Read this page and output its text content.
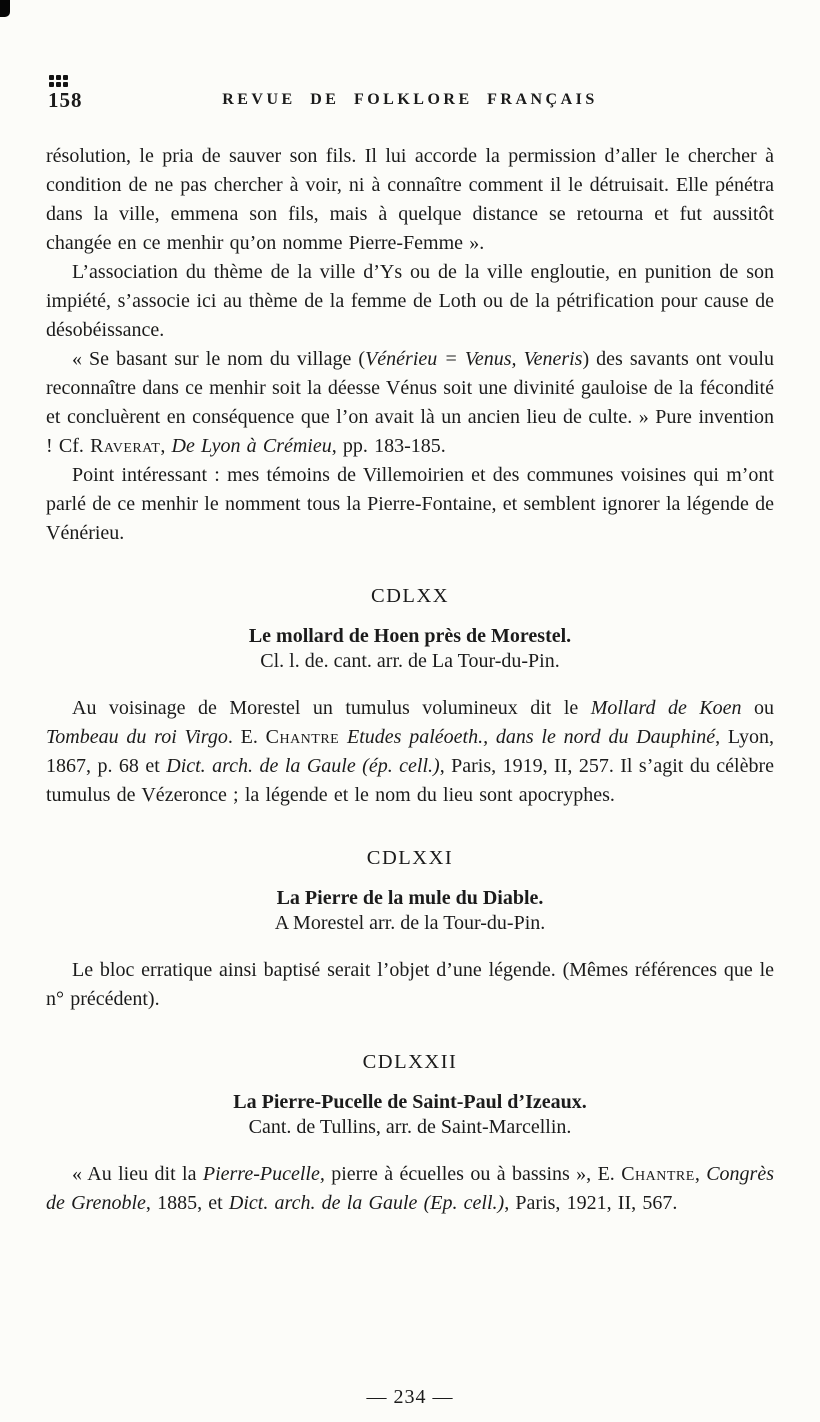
158	REVUE DE FOLKLORE FRANÇAIS

résolution, le pria de sauver son fils. Il lui accorde la permission d’aller le chercher à condition de ne pas chercher à voir, ni à connaître comment il le détruisait. Elle pénétra dans la ville, emmena son fils, mais à quelque distance se retourna et fut aussitôt changée en ce menhir qu’on nomme Pierre-Femme ».

L’association du thème de la ville d’Ys ou de la ville engloutie, en punition de son impiété, s’associe ici au thème de la femme de Loth ou de la pétrification pour cause de désobéissance.

« Se basant sur le nom du village (Vénérieu = Venus, Veneris) des savants ont voulu reconnaître dans ce menhir soit la déesse Vénus soit une divinité gauloise de la fécondité et concluèrent en conséquence que l’on avait là un ancien lieu de culte. » Pure invention ! Cf. Raverat, De Lyon à Crémieu, pp. 183-185.

Point intéressant : mes témoins de Villemoirien et des communes voisines qui m’ont parlé de ce menhir le nomment tous la Pierre-Fontaine, et semblent ignorer la légende de Vénérieu.

CDLXX
Le mollard de Hoen près de Morestel.

Cl. l. de. cant. arr. de La Tour-du-Pin.

Au voisinage de Morestel un tumulus volumineux dit le Mollard de Koen ou Tombeau du roi Virgo. E. Chantre Etudes paléoeth., dans le nord du Dauphiné, Lyon, 1867, p. 68 et Dict. arch. de la Gaule (ép. cell.), Paris, 1919, II, 257. Il s’agit du célèbre tumulus de Vézeronce ; la légende et le nom du lieu sont apocryphes.

CDLXXI
La Pierre de la mule du Diable.

A Morestel arr. de la Tour-du-Pin.

Le bloc erratique ainsi baptisé serait l’objet d’une légende. (Mêmes références que le n° précédent).

CDLXXII
La Pierre-Pucelle de Saint-Paul d’Izeaux.

Cant. de Tullins, arr. de Saint-Marcellin.

« Au lieu dit la Pierre-Pucelle, pierre à écuelles ou à bassins », E. Chantre, Congrès de Grenoble, 1885, et Dict. arch. de la Gaule (Ep. cell.), Paris, 1921, II, 567.

— 234 —
